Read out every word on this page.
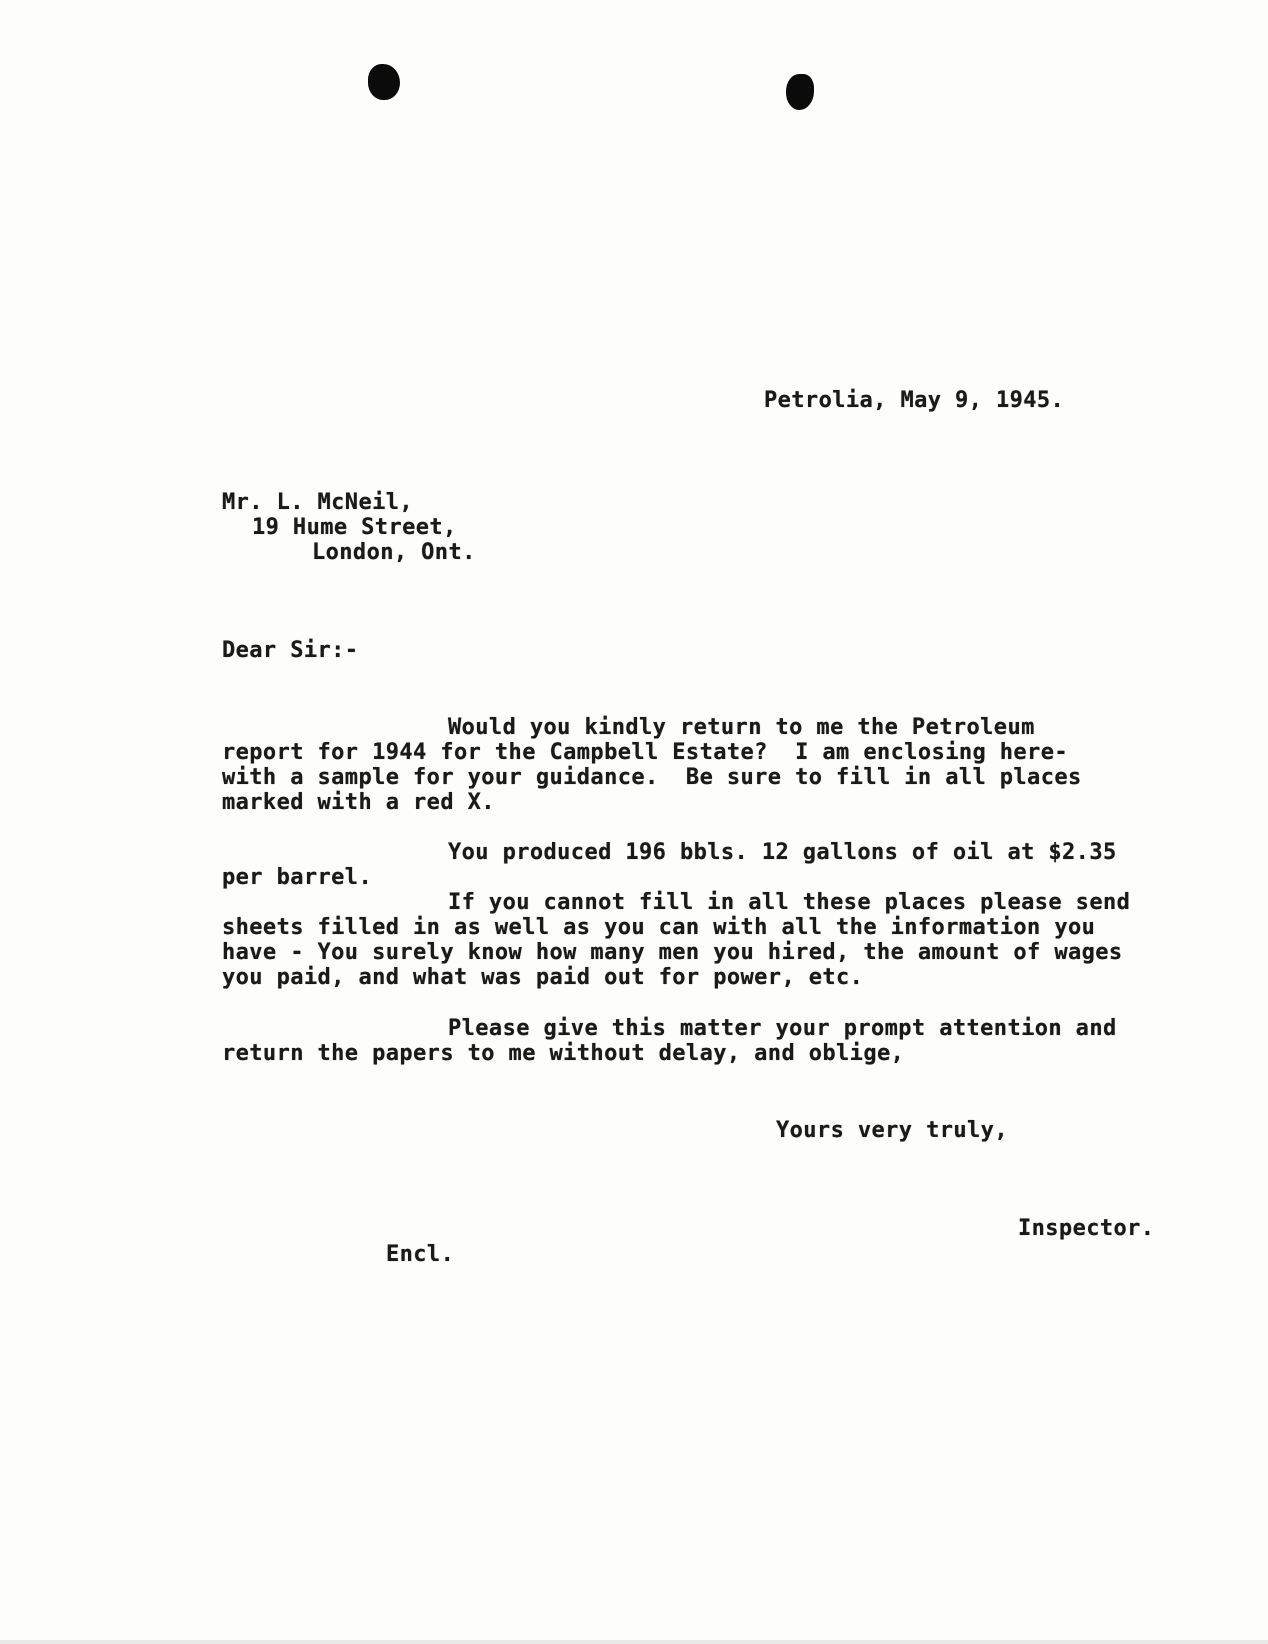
Petrolia, May 9, 1945.
Mr. L. McNeil,
19 Hume Street,
London, Ont.
Dear Sir:-
Would you kindly return to me the Petroleum
report for 1944 for the Campbell Estate?  I am enclosing here-
with a sample for your guidance.  Be sure to fill in all places
marked with a red X.
You produced 196 bbls. 12 gallons of oil at $2.35
per barrel.
If you cannot fill in all these places please send
sheets filled in as well as you can with all the information you
have - You surely know how many men you hired, the amount of wages
you paid, and what was paid out for power, etc.
Please give this matter your prompt attention and
return the papers to me without delay, and oblige,
Yours very truly,
Inspector.
Encl.
